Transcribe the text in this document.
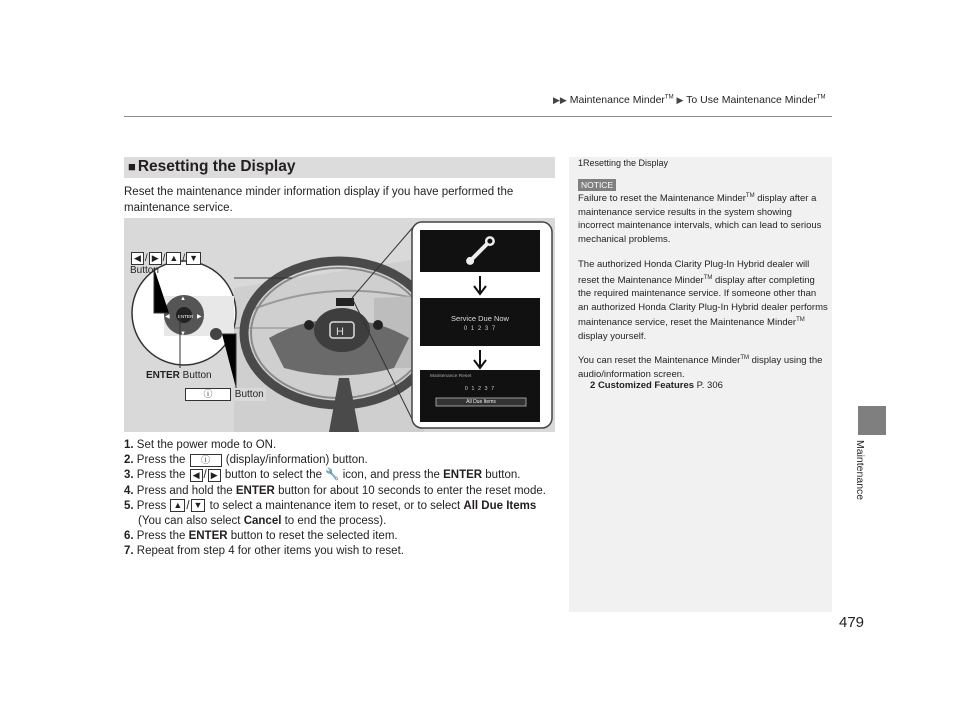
▶▶ Maintenance Minder™ ▶ To Use Maintenance Minder™
Maintenance
479
■ Resetting the Display
Reset the maintenance minder information display if you have performed the maintenance service.
H
ENTER
▲
▼
◀	▶	Service Due Now
0 1 2 3 7
Maintenance Reset
0 1 2 3 7
All Due Items
◀ / ▶ / ▲ / ▼
Button
ENTER Button
ⓘ Button
1. Set the power mode to ON.
2. Press the ⓘ (display/information) button.
3. Press the ◀ / ▶ button to select the 🔧 icon, and press the ENTER button.
4. Press and hold the ENTER button for about 10 seconds to enter the reset mode.
5. Press ▲ / ▼ to select a maintenance item to reset, or to select All Due Items
(You can also select Cancel to end the process).
6. Press the ENTER button to reset the selected item.
7. Repeat from step 4 for other items you wish to reset.
1Resetting the Display
NOTICE
Failure to reset the Maintenance Minder™ display after a maintenance service results in the system showing incorrect maintenance intervals, which can lead to serious mechanical problems.
The authorized Honda Clarity Plug-In Hybrid dealer will reset the Maintenance Minder™ display after completing the required maintenance service. If someone other than an authorized Honda Clarity Plug-In Hybrid dealer performs maintenance service, reset the Maintenance Minder™ display yourself.
You can reset the Maintenance Minder™ display using the audio/information screen.
2 Customized Features P. 306
